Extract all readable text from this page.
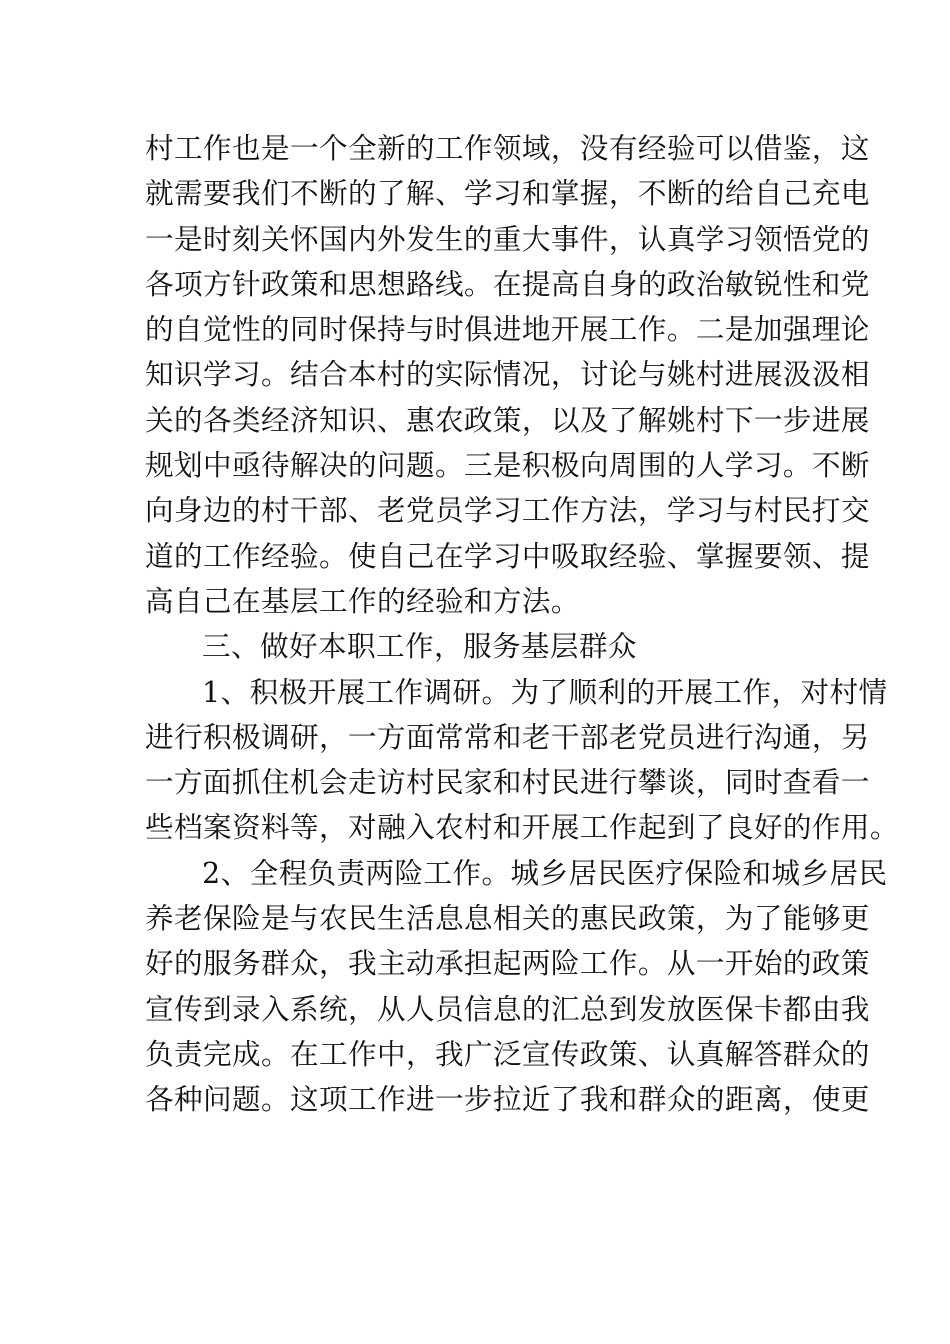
村工作也是一个全新的工作领域，没有经验可以借鉴，这
就需要我们不断的了解、学习和掌握，不断的给自己充电
一是时刻关怀国内外发生的重大事件，认真学习领悟党的
各项方针政策和思想路线。在提高自身的政治敏锐性和党
的自觉性的同时保持与时俱进地开展工作。二是加强理论
知识学习。结合本村的实际情况，讨论与姚村进展汲汲相
关的各类经济知识、惠农政策，以及了解姚村下一步进展
规划中亟待解决的问题。三是积极向周围的人学习。不断
向身边的村干部、老党员学习工作方法，学习与村民打交
道的工作经验。使自己在学习中吸取经验、掌握要领、提
高自己在基层工作的经验和方法。
三、做好本职工作，服务基层群众
1、积极开展工作调研。为了顺利的开展工作，对村情
进行积极调研，一方面常常和老干部老党员进行沟通，另
一方面抓住机会走访村民家和村民进行攀谈，同时查看一
些档案资料等，对融入农村和开展工作起到了良好的作用。
2、全程负责两险工作。城乡居民医疗保险和城乡居民
养老保险是与农民生活息息相关的惠民政策，为了能够更
好的服务群众，我主动承担起两险工作。从一开始的政策
宣传到录入系统，从人员信息的汇总到发放医保卡都由我
负责完成。在工作中，我广泛宣传政策、认真解答群众的
各种问题。这项工作进一步拉近了我和群众的距离，使更
